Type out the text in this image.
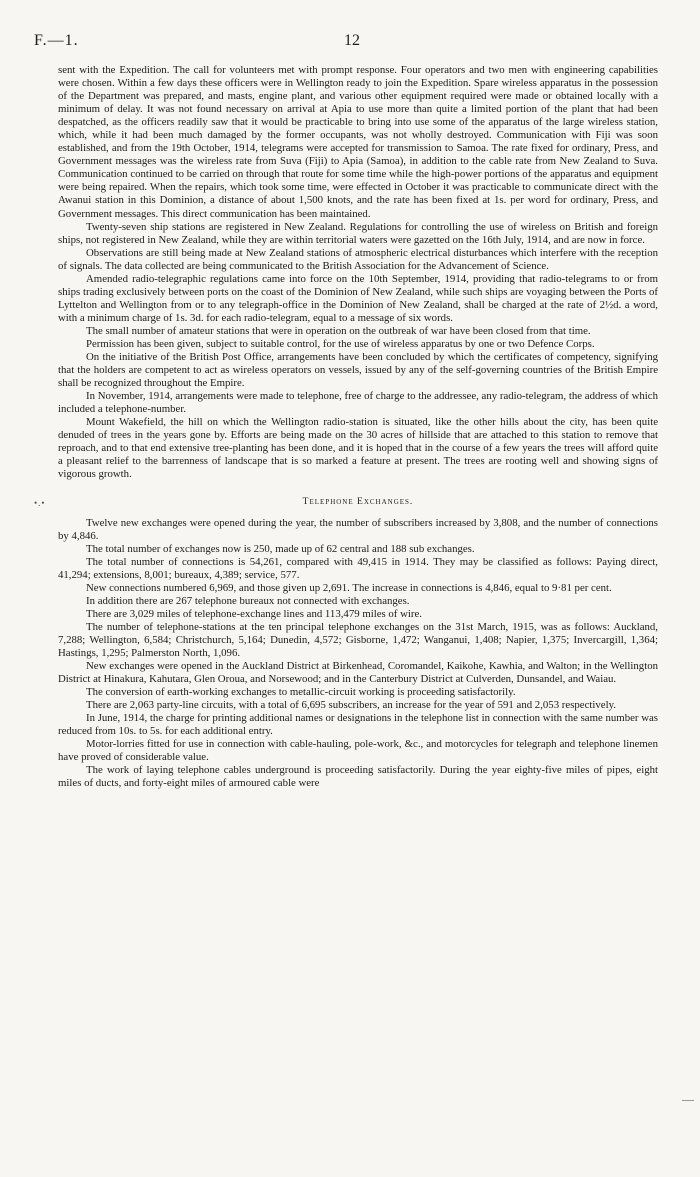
F.—1.	12

sent with the Expedition. The call for volunteers met with prompt response. Four operators and two men with engineering capabilities were chosen. Within a few days these officers were in Wellington ready to join the Expedition. Spare wireless apparatus in the possession of the Department was prepared, and masts, engine plant, and various other equipment required were made or obtained locally with a minimum of delay. It was not found necessary on arrival at Apia to use more than quite a limited portion of the plant that had been despatched, as the officers readily saw that it would be practicable to bring into use some of the apparatus of the large wireless station, which, while it had been much damaged by the former occupants, was not wholly destroyed. Communication with Fiji was soon established, and from the 19th October, 1914, telegrams were accepted for transmission to Samoa. The rate fixed for ordinary, Press, and Government messages was the wireless rate from Suva (Fiji) to Apia (Samoa), in addition to the cable rate from New Zealand to Suva. Communication continued to be carried on through that route for some time while the high-power portions of the apparatus and equipment were being repaired. When the repairs, which took some time, were effected in October it was practicable to communicate direct with the Awanui station in this Dominion, a distance of about 1,500 knots, and the rate has been fixed at 1s. per word for ordinary, Press, and Government messages. This direct communication has been maintained.

Twenty-seven ship stations are registered in New Zealand. Regulations for controlling the use of wireless on British and foreign ships, not registered in New Zealand, while they are within territorial waters were gazetted on the 16th July, 1914, and are now in force.

Observations are still being made at New Zealand stations of atmospheric electrical disturbances which interfere with the reception of signals. The data collected are being communicated to the British Association for the Advancement of Science.

Amended radio-telegraphic regulations came into force on the 10th September, 1914, providing that radio-telegrams to or from ships trading exclusively between ports on the coast of the Dominion of New Zealand, while such ships are voyaging between the Ports of Lyttelton and Wellington from or to any telegraph-office in the Dominion of New Zealand, shall be charged at the rate of 2½d. a word, with a minimum charge of 1s. 3d. for each radio-telegram, equal to a message of six words.

The small number of amateur stations that were in operation on the outbreak of war have been closed from that time.

Permission has been given, subject to suitable control, for the use of wireless apparatus by one or two Defence Corps.

On the initiative of the British Post Office, arrangements have been concluded by which the certificates of competency, signifying that the holders are competent to act as wireless operators on vessels, issued by any of the self-governing countries of the British Empire shall be recognized throughout the Empire.

In November, 1914, arrangements were made to telephone, free of charge to the addressee, any radio-telegram, the address of which included a telephone-number.

Mount Wakefield, the hill on which the Wellington radio-station is situated, like the other hills about the city, has been quite denuded of trees in the years gone by. Efforts are being made on the 30 acres of hillside that are attached to this station to remove that reproach, and to that end extensive tree-planting has been done, and it is hoped that in the course of a few years the trees will afford quite a pleasant relief to the barrenness of landscape that is so marked a feature at present. The trees are rooting well and showing signs of vigorous growth.

•.•	Telephone Exchanges.

Twelve new exchanges were opened during the year, the number of subscribers increased by 3,808, and the number of connections by 4,846.

The total number of exchanges now is 250, made up of 62 central and 188 sub exchanges.

The total number of connections is 54,261, compared with 49,415 in 1914. They may be classified as follows: Paying direct, 41,294; extensions, 8,001; bureaux, 4,389; service, 577.

New connections numbered 6,969, and those given up 2,691. The increase in connections is 4,846, equal to 9·81 per cent.

In addition there are 267 telephone bureaux not connected with exchanges.

There are 3,029 miles of telephone-exchange lines and 113,479 miles of wire.

The number of telephone-stations at the ten principal telephone exchanges on the 31st March, 1915, was as follows: Auckland, 7,288; Wellington, 6,584; Christchurch, 5,164; Dunedin, 4,572; Gisborne, 1,472; Wanganui, 1,408; Napier, 1,375; Invercargill, 1,364; Hastings, 1,295; Palmerston North, 1,096.

New exchanges were opened in the Auckland District at Birkenhead, Coromandel, Kaikohe, Kawhia, and Walton; in the Wellington District at Hinakura, Kahutara, Glen Oroua, and Norsewood; and in the Canterbury District at Culverden, Dunsandel, and Waiau.

The conversion of earth-working exchanges to metallic-circuit working is proceeding satisfactorily.

There are 2,063 party-line circuits, with a total of 6,695 subscribers, an increase for the year of 591 and 2,053 respectively.

In June, 1914, the charge for printing additional names or designations in the telephone list in connection with the same number was reduced from 10s. to 5s. for each additional entry.

Motor-lorries fitted for use in connection with cable-hauling, pole-work, &c., and motorcycles for telegraph and telephone linemen have proved of considerable value.

The work of laying telephone cables underground is proceeding satisfactorily. During the year eighty-five miles of pipes, eight miles of ducts, and forty-eight miles of armoured cable were
